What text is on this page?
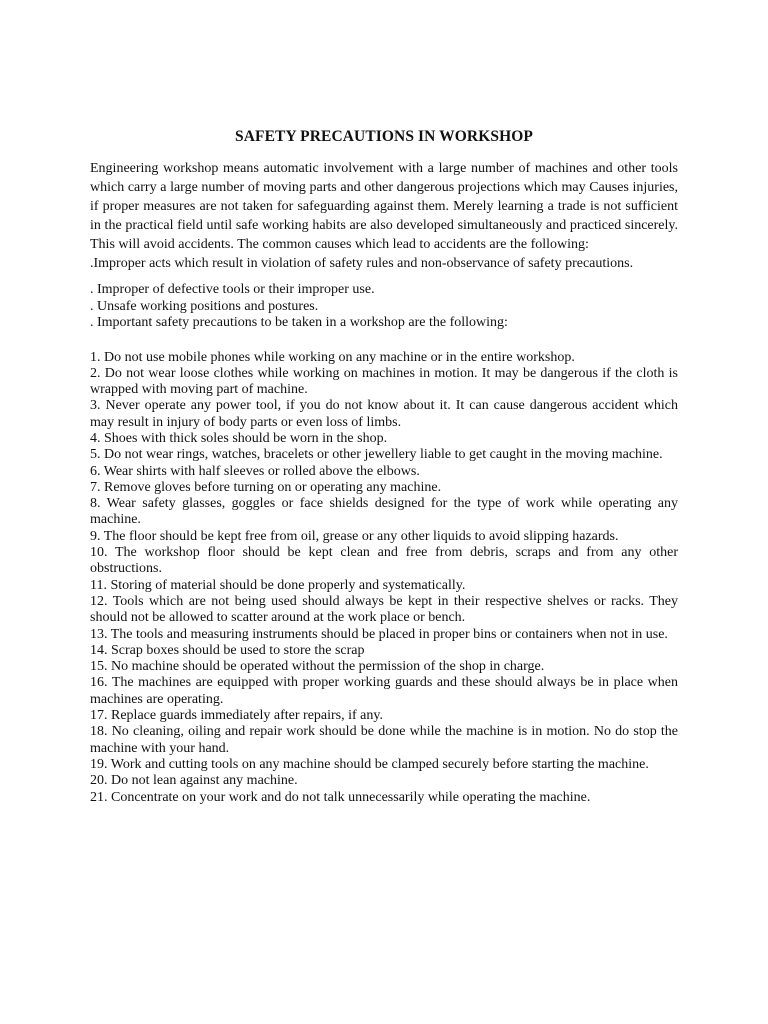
SAFETY PRECAUTIONS IN WORKSHOP

Engineering workshop means automatic involvement with a large number of machines and other tools which carry a large number of moving parts and other dangerous projections which may Causes injuries, if proper measures are not taken for safeguarding against them. Merely learning a trade is not sufficient in the practical field until safe working habits are also developed simultaneously and practiced sincerely. This will avoid accidents. The common causes which lead to accidents are the following:

.Improper acts which result in violation of safety rules and non-observance of safety precautions.

. Improper of defective tools or their improper use.
. Unsafe working positions and postures.
. Important safety precautions to be taken in a workshop are the following:
1. Do not use mobile phones while working on any machine or in the entire workshop.
2. Do not wear loose clothes while working on machines in motion. It may be dangerous if the cloth is wrapped with moving part of machine.
3. Never operate any power tool, if you do not know about it. It can cause dangerous accident which may result in injury of body parts or even loss of limbs.
4. Shoes with thick soles should be worn in the shop.
5. Do not wear rings, watches, bracelets or other jewellery liable to get caught in the moving machine.
6. Wear shirts with half sleeves or rolled above the elbows.
7. Remove gloves before turning on or operating any machine.
8. Wear safety glasses, goggles or face shields designed for the type of work while operating any machine.
9. The floor should be kept free from oil, grease or any other liquids to avoid slipping hazards.
10. The workshop floor should be kept clean and free from debris, scraps and from any other obstructions.
11. Storing of material should be done properly and systematically.
12. Tools which are not being used should always be kept in their respective shelves or racks. They should not be allowed to scatter around at the work place or bench.
13. The tools and measuring instruments should be placed in proper bins or containers when not in use.
14. Scrap boxes should be used to store the scrap
15. No machine should be operated without the permission of the shop in charge.
16. The machines are equipped with proper working guards and these should always be in place when machines are operating.
17. Replace guards immediately after repairs, if any.
18. No cleaning, oiling and repair work should be done while the machine is in motion. No do stop the machine with your hand.
19. Work and cutting tools on any machine should be clamped securely before starting the machine.
20. Do not lean against any machine.
21. Concentrate on your work and do not talk unnecessarily while operating the machine.
